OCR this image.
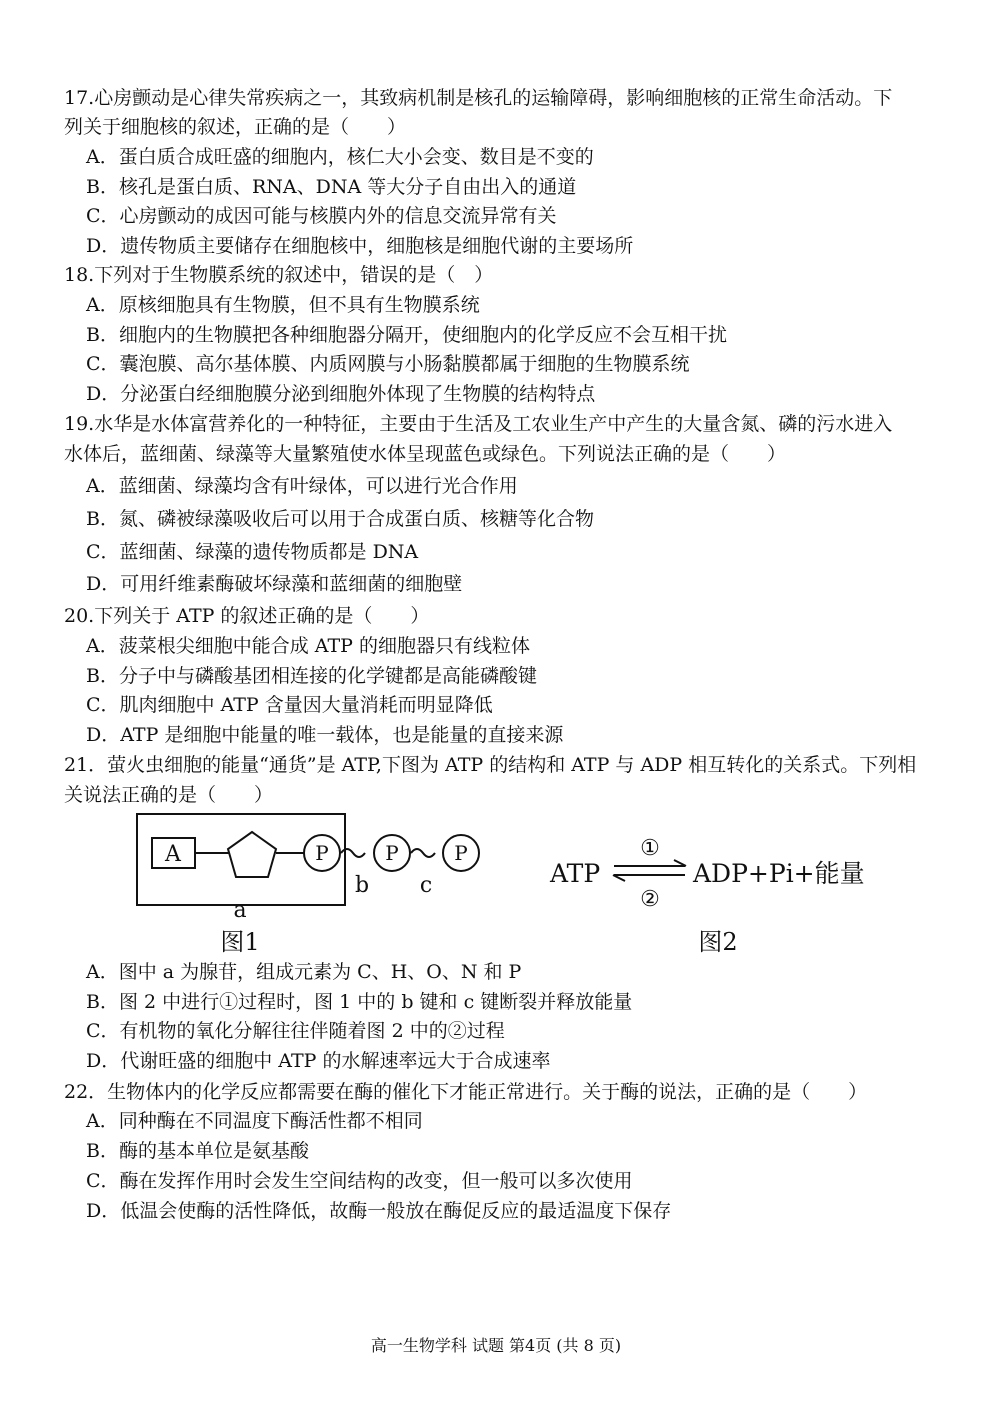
17.心房颤动是心律失常疾病之一，其致病机制是核孔的运输障碍，影响细胞核的正常生命活动。下
列关于细胞核的叙述，正确的是（　　）
A．蛋白质合成旺盛的细胞内，核仁大小会变、数目是不变的
B．核孔是蛋白质、RNA、DNA 等大分子自由出入的通道
C．心房颤动的成因可能与核膜内外的信息交流异常有关
D．遗传物质主要储存在细胞核中，细胞核是细胞代谢的主要场所
18.下列对于生物膜系统的叙述中，错误的是（　）
A．原核细胞具有生物膜，但不具有生物膜系统
B．细胞内的生物膜把各种细胞器分隔开，使细胞内的化学反应不会互相干扰
C．囊泡膜、高尔基体膜、内质网膜与小肠黏膜都属于细胞的生物膜系统
D．分泌蛋白经细胞膜分泌到细胞外体现了生物膜的结构特点
19.水华是水体富营养化的一种特征，主要由于生活及工农业生产中产生的大量含氮、磷的污水进入
水体后，蓝细菌、绿藻等大量繁殖使水体呈现蓝色或绿色。下列说法正确的是（　　）
A．蓝细菌、绿藻均含有叶绿体，可以进行光合作用
B．氮、磷被绿藻吸收后可以用于合成蛋白质、核糖等化合物
C．蓝细菌、绿藻的遗传物质都是 DNA
D．可用纤维素酶破坏绿藻和蓝细菌的细胞壁
20.下列关于 ATP 的叙述正确的是（　　）
A．菠菜根尖细胞中能合成 ATP 的细胞器只有线粒体
B．分子中与磷酸基团相连接的化学键都是高能磷酸键
C．肌肉细胞中 ATP 含量因大量消耗而明显降低
D．ATP 是细胞中能量的唯一载体，也是能量的直接来源
21．萤火虫细胞的能量“通货”是 ATP,下图为 ATP 的结构和 ATP 与 ADP 相互转化的关系式。下列相
关说法正确的是（　　）
A	P	P	P
b c
a
图1
ATP
①
②
ADP+Pi+能量
图2
A．图中 a 为腺苷，组成元素为 C、H、O、N 和 P
B．图 2 中进行①过程时，图 1 中的 b 键和 c 键断裂并释放能量
C．有机物的氧化分解往往伴随着图 2 中的②过程
D．代谢旺盛的细胞中 ATP 的水解速率远大于合成速率
22．生物体内的化学反应都需要在酶的催化下才能正常进行。关于酶的说法，正确的是（　　）
A．同种酶在不同温度下酶活性都不相同
B．酶的基本单位是氨基酸
C．酶在发挥作用时会发生空间结构的改变，但一般可以多次使用
D．低温会使酶的活性降低，故酶一般放在酶促反应的最适温度下保存
高一生物学科 试题 第4页 (共 8 页)
